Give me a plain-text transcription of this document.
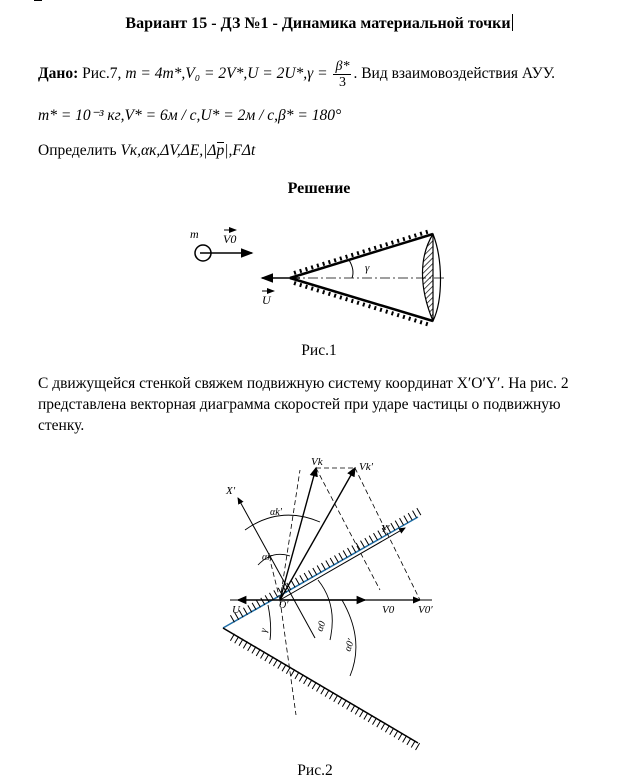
Вариант 15 - ДЗ №1 - Динамика материальной точки
Дано: Рис.7, $m = 4m*,V_0 = 2V*,U = 2U*,\gamma = \frac{\beta*}{3}$ . Вид взаимовоздействия АУУ.
m* = 10⁻³ кг,V* = 6м / с,U* = 2м / с,β* = 180°
Определить Vк,αк,ΔV,ΔE,|Δ
p|,FΔt
Решение
m V0
U
γ
Рис.1
С движущейся стенкой свяжем подвижную систему координат X′O′Y′. На рис. 2 представлена векторная диаграмма скоростей при ударе частицы о подвижную стенку.
X′
Y′
O′
U	V0 V0′
Vk	Vk′
αk
αk′
α0
α0′
γ
Рис.2
